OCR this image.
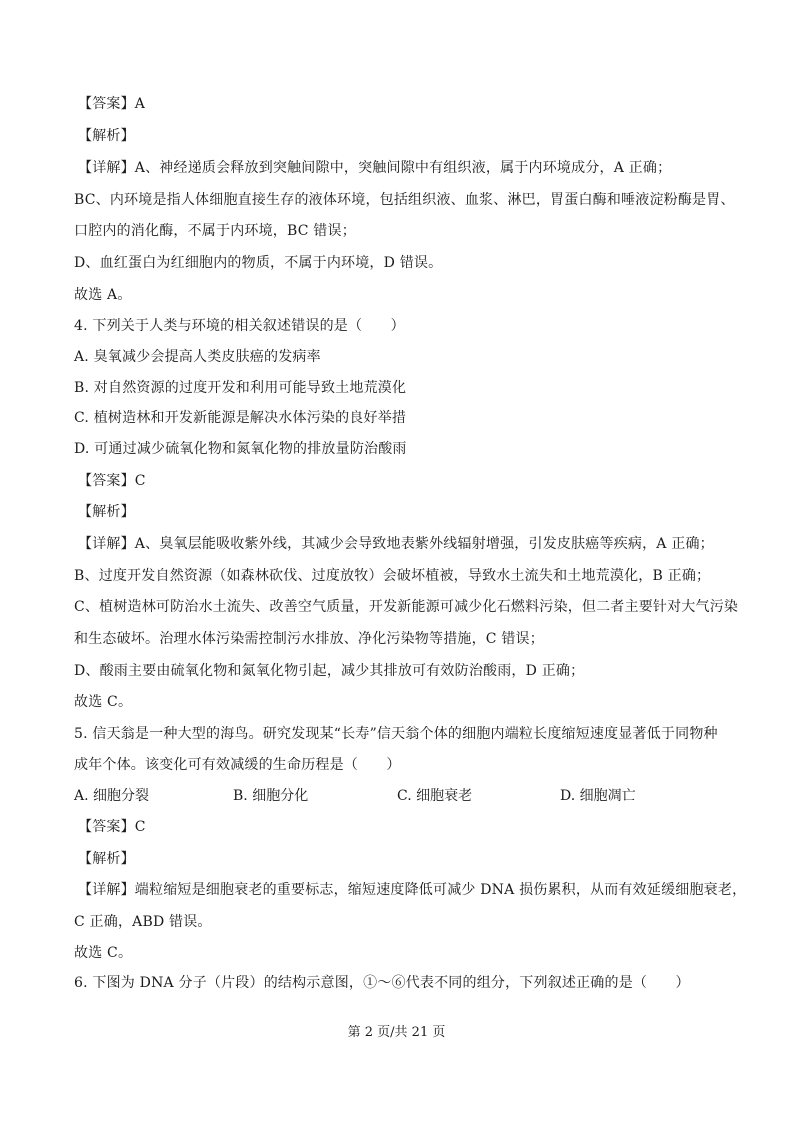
【答案】A
【解析】
【详解】A、神经递质会释放到突触间隙中，突触间隙中有组织液，属于内环境成分，A 正确；
BC、内环境是指人体细胞直接生存的液体环境，包括组织液、血浆、淋巴，胃蛋白酶和唾液淀粉酶是胃、
口腔内的消化酶，不属于内环境，BC 错误；
D、血红蛋白为红细胞内的物质，不属于内环境，D 错误。
故选 A。
4. 下列关于人类与环境的相关叙述错误的是（　　）
A. 臭氧减少会提高人类皮肤癌的发病率
B. 对自然资源的过度开发和利用可能导致土地荒漠化
C. 植树造林和开发新能源是解决水体污染的良好举措
D. 可通过减少硫氧化物和氮氧化物的排放量防治酸雨
【答案】C
【解析】
【详解】A、臭氧层能吸收紫外线，其减少会导致地表紫外线辐射增强，引发皮肤癌等疾病，A 正确；
B、过度开发自然资源（如森林砍伐、过度放牧）会破坏植被，导致水土流失和土地荒漠化，B 正确；
C、植树造林可防治水土流失、改善空气质量，开发新能源可减少化石燃料污染，但二者主要针对大气污染
和生态破坏。治理水体污染需控制污水排放、净化污染物等措施，C 错误；
D、酸雨主要由硫氧化物和氮氧化物引起，减少其排放可有效防治酸雨，D 正确；
故选 C。
5. 信天翁是一种大型的海鸟。研究发现某“长寿”信天翁个体的细胞内端粒长度缩短速度显著低于同物种
成年个体。该变化可有效减缓的生命历程是（　　）
A. 细胞分裂	B. 细胞分化	C. 细胞衰老	D. 细胞凋亡
【答案】C
【解析】
【详解】端粒缩短是细胞衰老的重要标志，缩短速度降低可减少 DNA 损伤累积，从而有效延缓细胞衰老，
C 正确，ABD 错误。
故选 C。
6. 下图为 DNA 分子（片段）的结构示意图，①～⑥代表不同的组分，下列叙述正确的是（　　）
第 2 页/共 21 页
